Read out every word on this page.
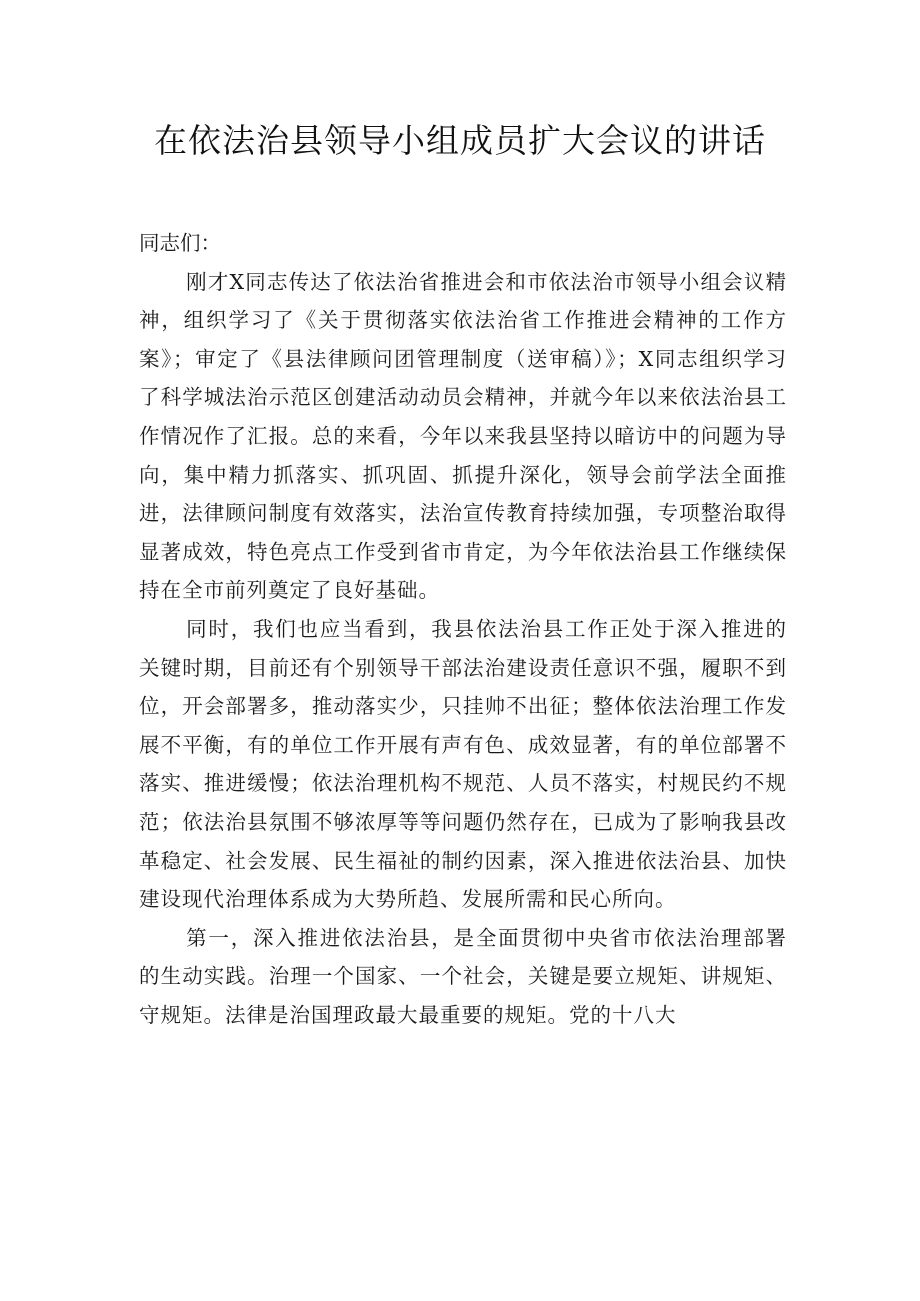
在依法治县领导小组成员扩大会议的讲话

同志们：

刚才X同志传达了依法治省推进会和市依法治市领导小组会议精神，组织学习了《关于贯彻落实依法治省工作推进会精神的工作方案》；审定了《县法律顾问团管理制度（送审稿）》；X同志组织学习了科学城法治示范区创建活动动员会精神，并就今年以来依法治县工作情况作了汇报。总的来看，今年以来我县坚持以暗访中的问题为导向，集中精力抓落实、抓巩固、抓提升深化，领导会前学法全面推进，法律顾问制度有效落实，法治宣传教育持续加强，专项整治取得显著成效，特色亮点工作受到省市肯定，为今年依法治县工作继续保持在全市前列奠定了良好基础。

同时，我们也应当看到，我县依法治县工作正处于深入推进的关键时期，目前还有个别领导干部法治建设责任意识不强，履职不到位，开会部署多，推动落实少，只挂帅不出征；整体依法治理工作发展不平衡，有的单位工作开展有声有色、成效显著，有的单位部署不落实、推进缓慢；依法治理机构不规范、人员不落实，村规民约不规范；依法治县氛围不够浓厚等等问题仍然存在，已成为了影响我县改革稳定、社会发展、民生福祉的制约因素，深入推进依法治县、加快建设现代治理体系成为大势所趋、发展所需和民心所向。

第一，深入推进依法治县，是全面贯彻中央省市依法治理部署的生动实践。治理一个国家、一个社会，关键是要立规矩、讲规矩、守规矩。法律是治国理政最大最重要的规矩。党的十八大
